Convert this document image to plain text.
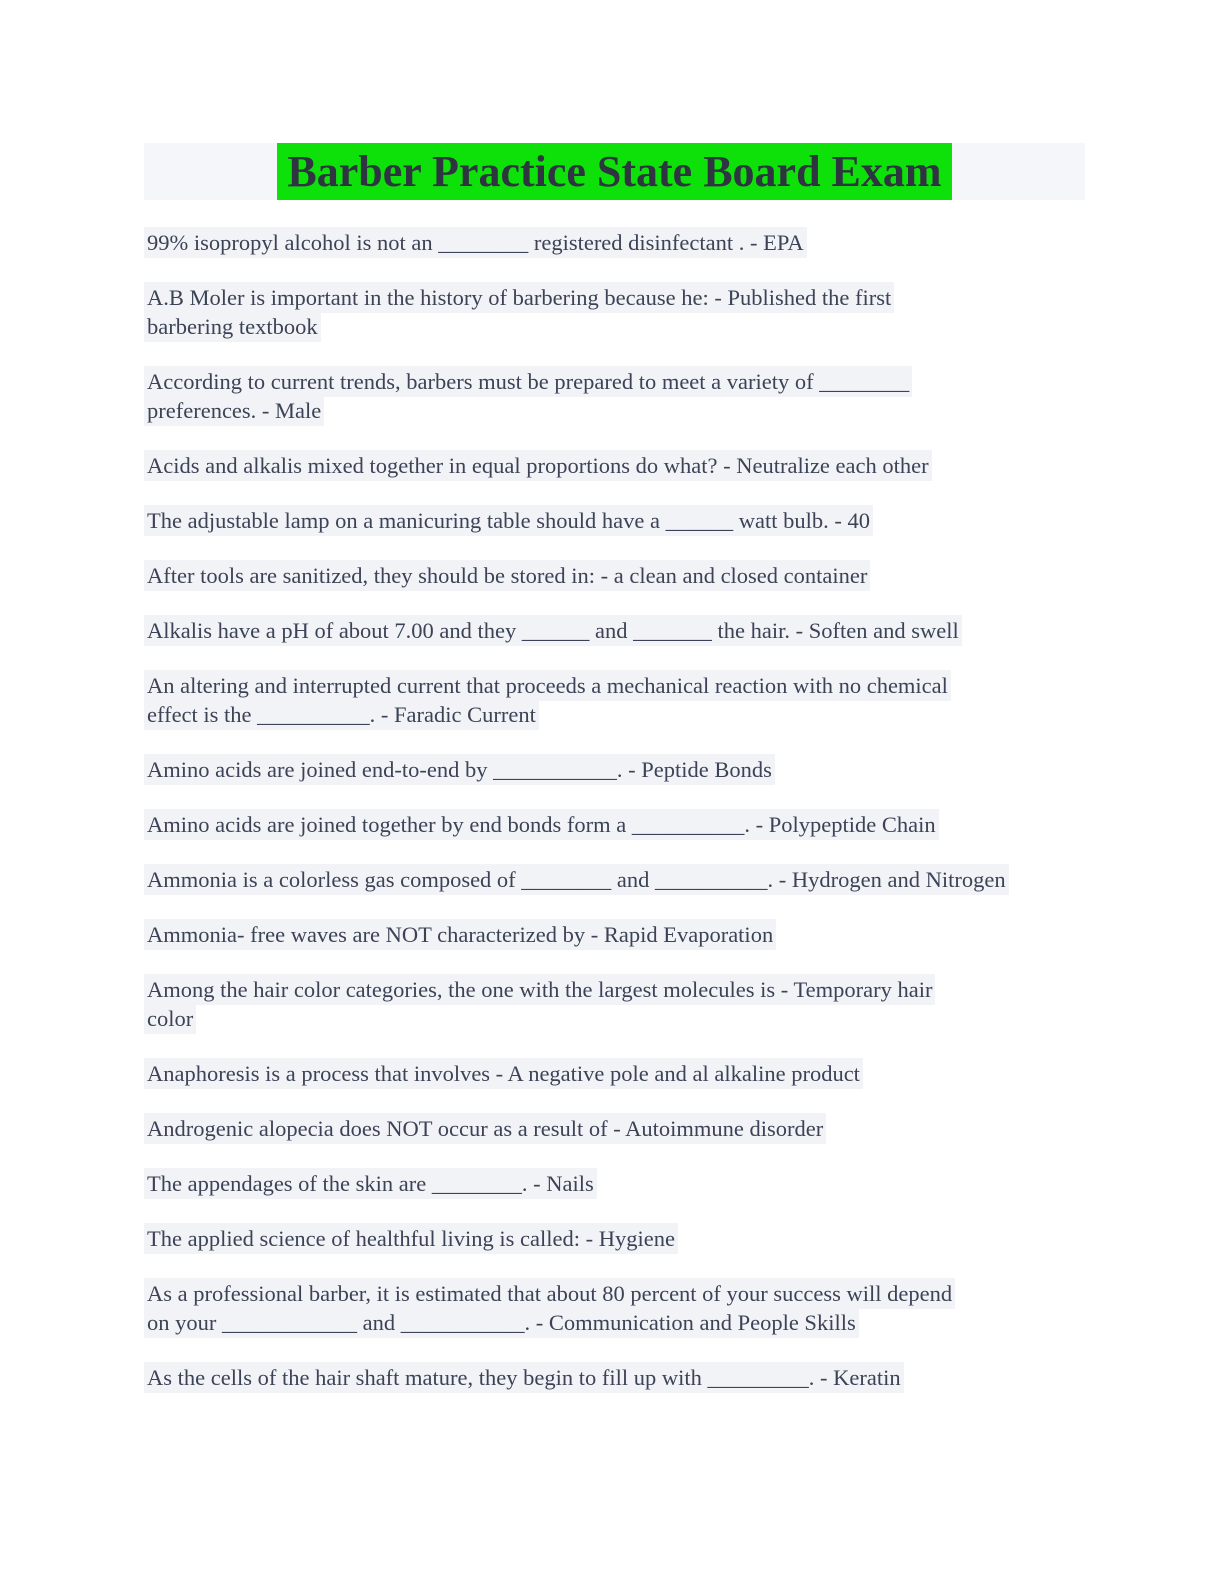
Barber Practice State Board Exam
99% isopropyl alcohol is not an ________ registered disinfectant . - EPA
A.B Moler is important in the history of barbering because he: - Published the first
barbering textbook
According to current trends, barbers must be prepared to meet a variety of ________
preferences. - Male
Acids and alkalis mixed together in equal proportions do what? - Neutralize each other
The adjustable lamp on a manicuring table should have a ______ watt bulb. - 40
After tools are sanitized, they should be stored in: - a clean and closed container
Alkalis have a pH of about 7.00 and they ______ and _______ the hair. - Soften and swell
An altering and interrupted current that proceeds a mechanical reaction with no chemical
effect is the __________. - Faradic Current
Amino acids are joined end-to-end by ___________. - Peptide Bonds
Amino acids are joined together by end bonds form a __________. - Polypeptide Chain
Ammonia is a colorless gas composed of ________ and __________. - Hydrogen and Nitrogen
Ammonia- free waves are NOT characterized by - Rapid Evaporation
Among the hair color categories, the one with the largest molecules is - Temporary hair
color
Anaphoresis is a process that involves - A negative pole and al alkaline product
Androgenic alopecia does NOT occur as a result of - Autoimmune disorder
The appendages of the skin are ________. - Nails
The applied science of healthful living is called: - Hygiene
As a professional barber, it is estimated that about 80 percent of your success will depend
on your ____________ and ___________. - Communication and People Skills
As the cells of the hair shaft mature, they begin to fill up with _________. - Keratin
